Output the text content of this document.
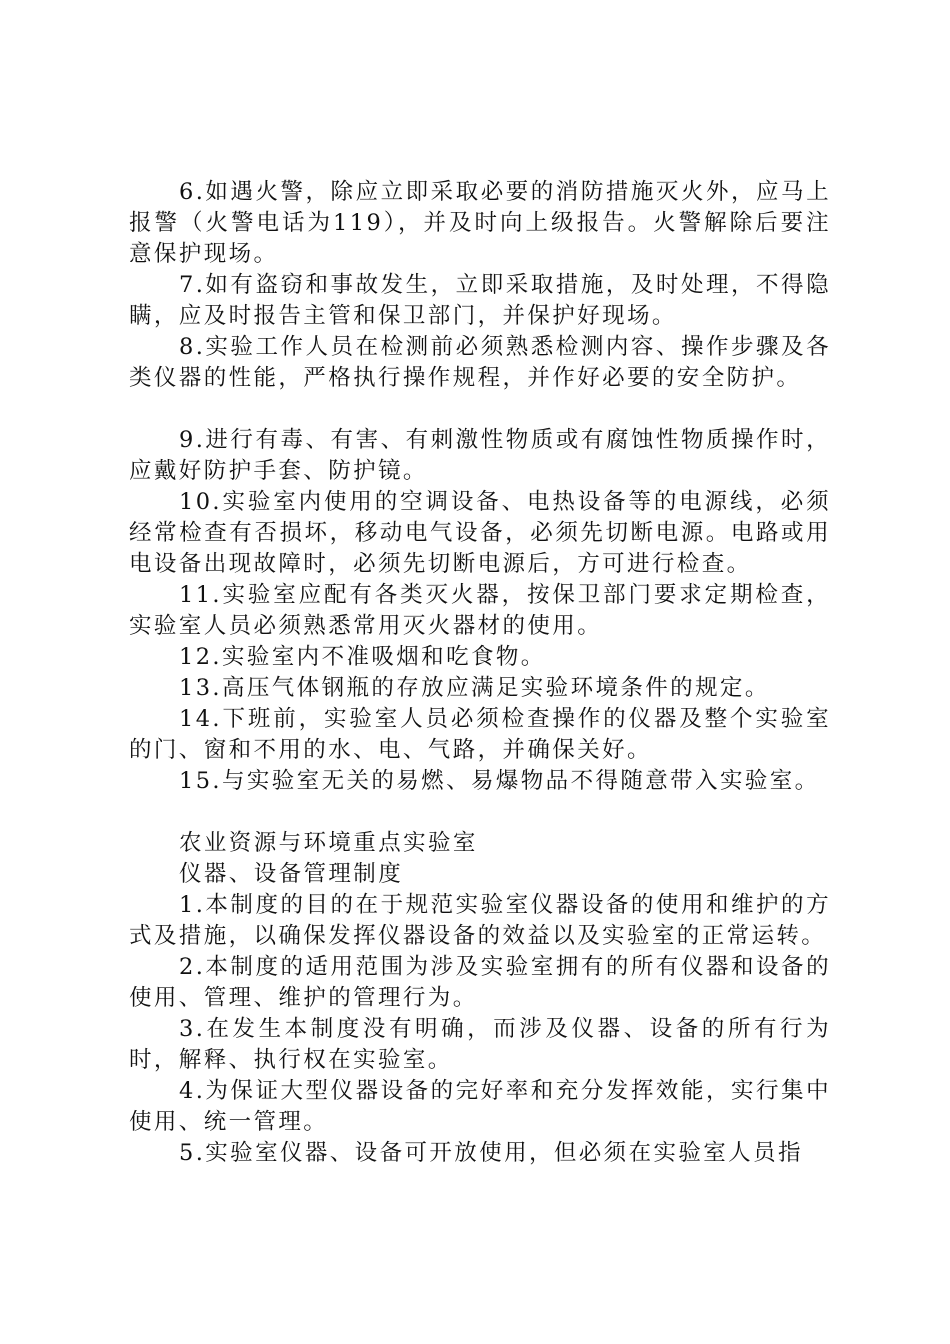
6.如遇火警，除应立即采取必要的消防措施灭火外，应马上报警（火警电话为119），并及时向上级报告。火警解除后要注意保护现场。

7.如有盗窃和事故发生，立即采取措施，及时处理，不得隐瞒，应及时报告主管和保卫部门，并保护好现场。

8.实验工作人员在检测前必须熟悉检测内容、操作步骤及各类仪器的性能，严格执行操作规程，并作好必要的安全防护。

9.进行有毒、有害、有刺激性物质或有腐蚀性物质操作时，应戴好防护手套、防护镜。

10.实验室内使用的空调设备、电热设备等的电源线，必须经常检查有否损坏，移动电气设备，必须先切断电源。电路或用电设备出现故障时，必须先切断电源后，方可进行检查。

11.实验室应配有各类灭火器，按保卫部门要求定期检查，实验室人员必须熟悉常用灭火器材的使用。

12.实验室内不准吸烟和吃食物。

13.高压气体钢瓶的存放应满足实验环境条件的规定。

14.下班前，实验室人员必须检查操作的仪器及整个实验室的门、窗和不用的水、电、气路，并确保关好。

15.与实验室无关的易燃、易爆物品不得随意带入实验室。

农业资源与环境重点实验室

仪器、设备管理制度

1.本制度的目的在于规范实验室仪器设备的使用和维护的方式及措施，以确保发挥仪器设备的效益以及实验室的正常运转。

2.本制度的适用范围为涉及实验室拥有的所有仪器和设备的使用、管理、维护的管理行为。

3.在发生本制度没有明确，而涉及仪器、设备的所有行为时，解释、执行权在实验室。

4.为保证大型仪器设备的完好率和充分发挥效能，实行集中使用、统一管理。

5.实验室仪器、设备可开放使用，但必须在实验室人员指
